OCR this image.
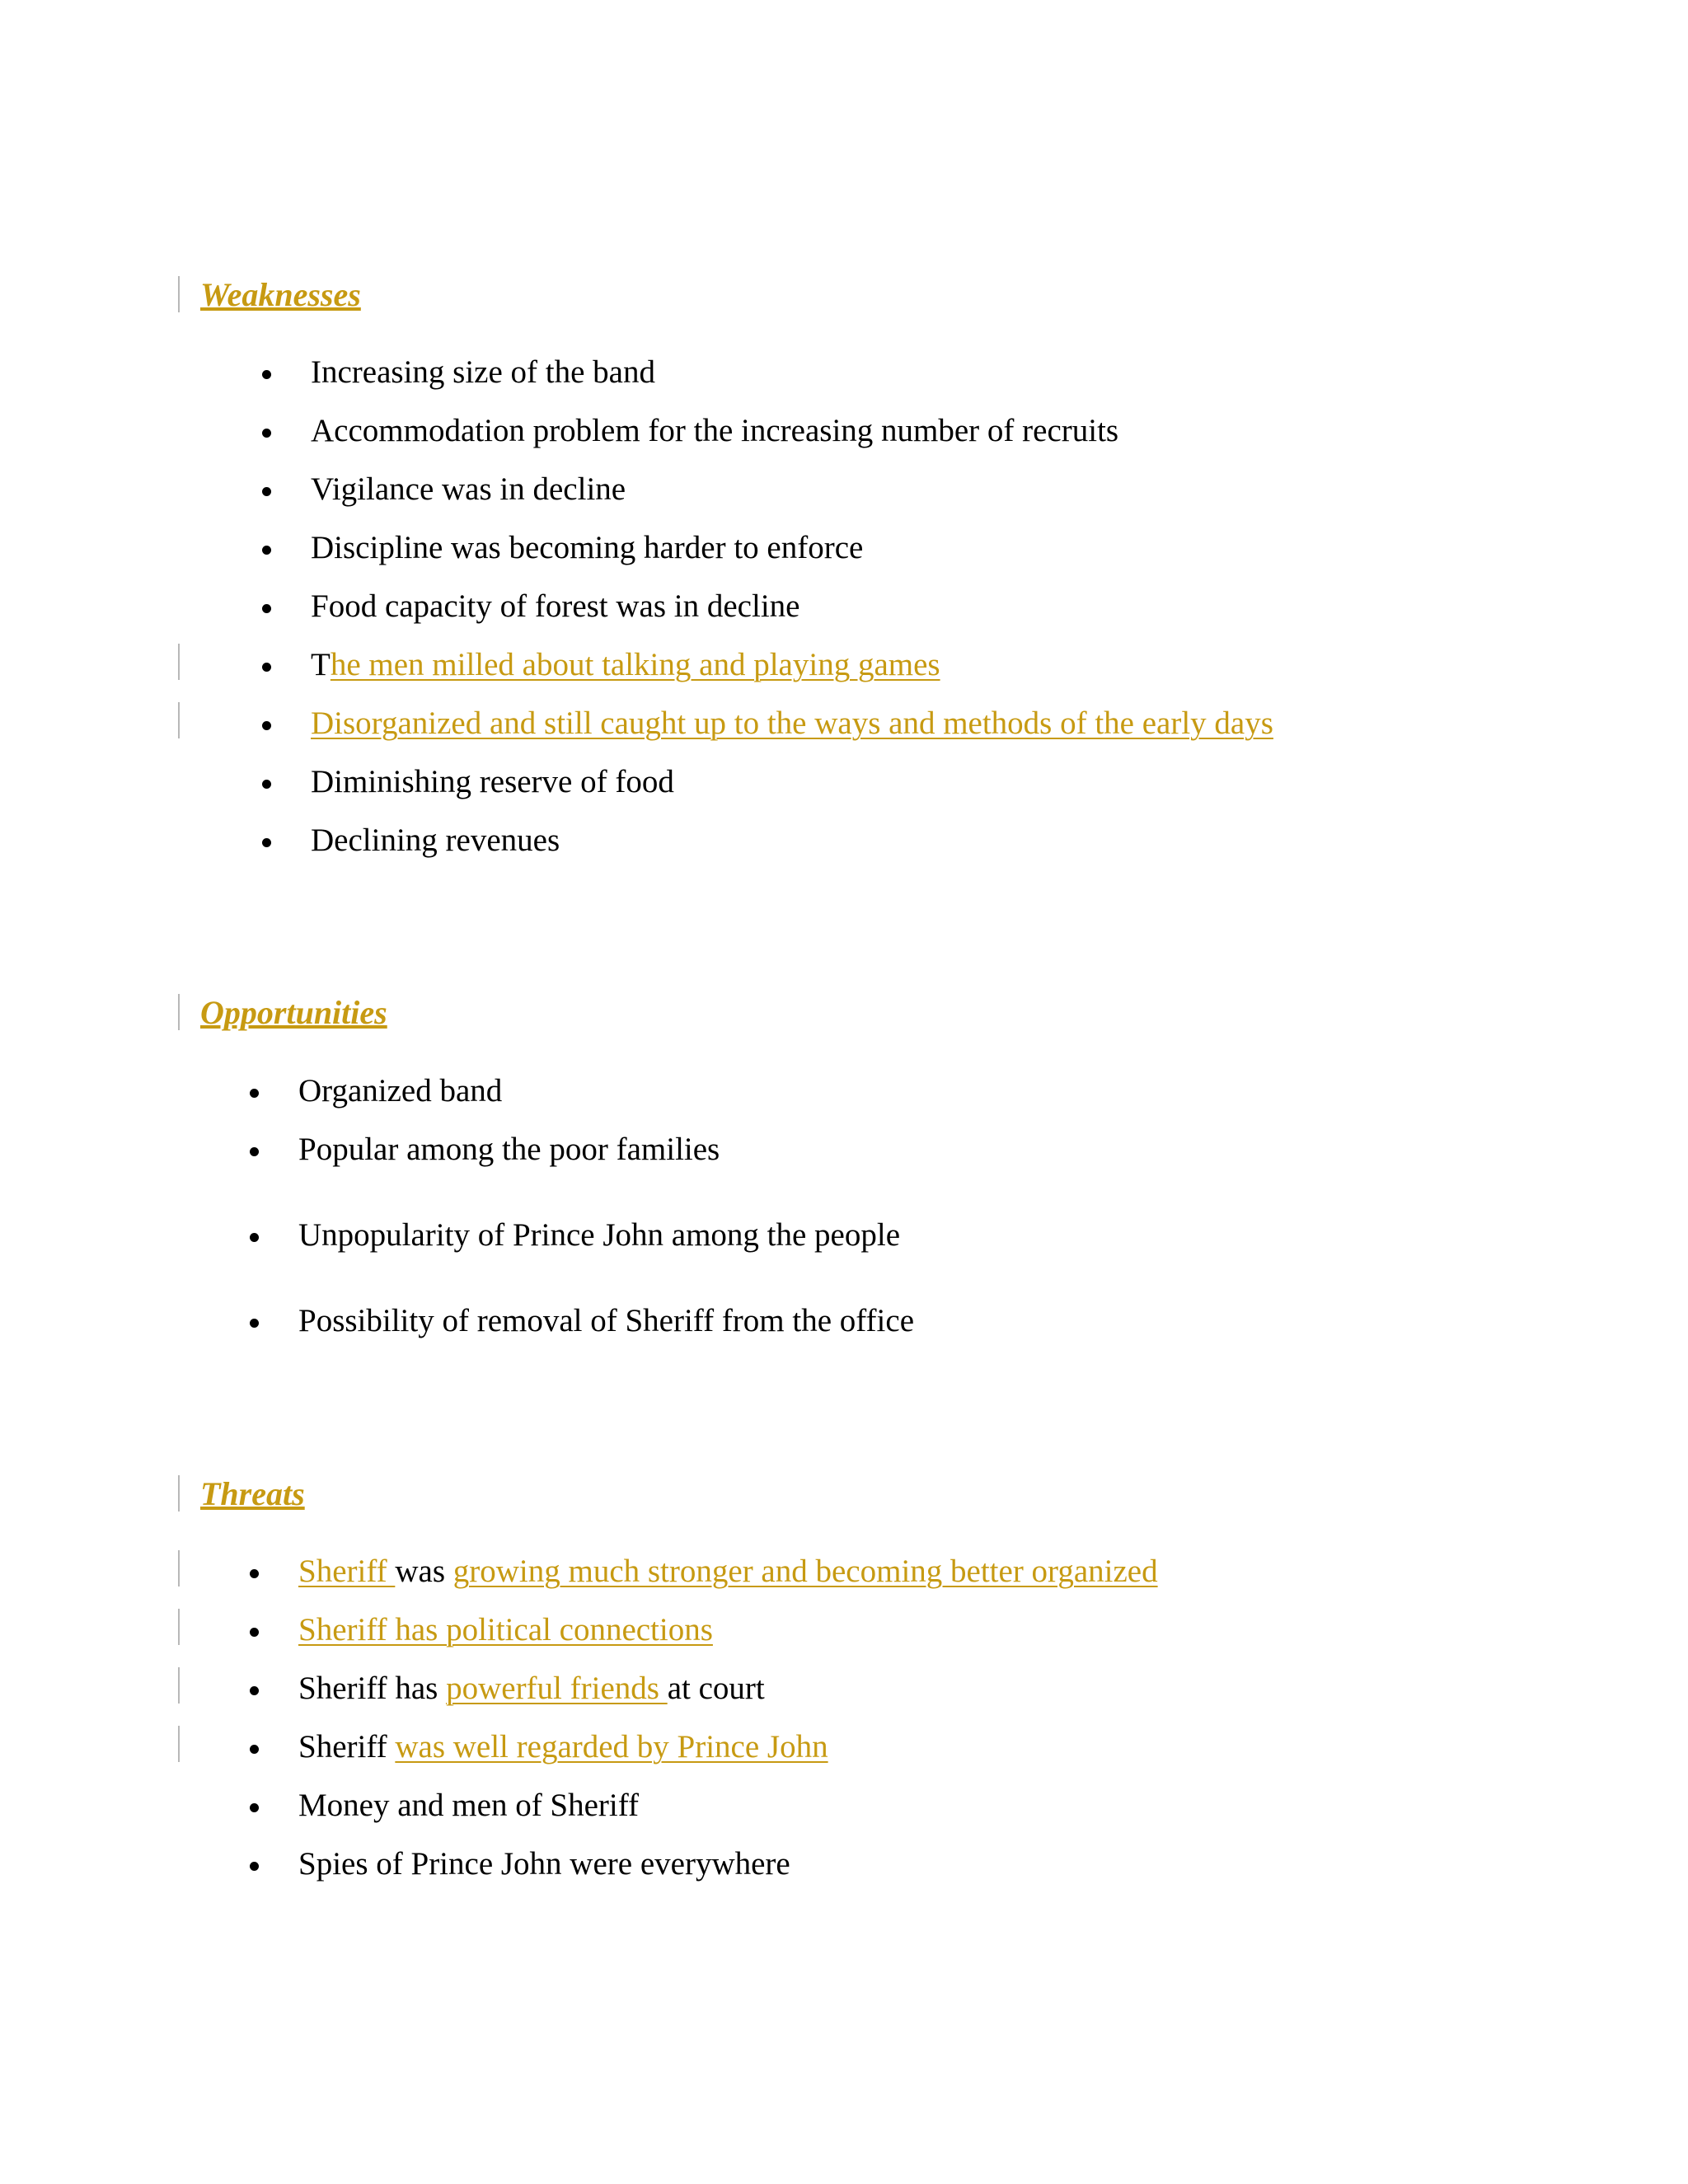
Weaknesses
Increasing size of the band
Accommodation problem for the increasing number of recruits
Vigilance was in decline
Discipline was becoming harder to enforce
Food capacity of forest was in decline
The men milled about talking and playing games
Disorganized and still caught up to the ways and methods of the early days
Diminishing reserve of food
Declining revenues
Opportunities
Organized band
Popular among the poor families
Unpopularity of Prince John among the people
Possibility of removal of Sheriff from the office
Threats
Sheriff was growing much stronger and becoming better organized
Sheriff has political connections
Sheriff has powerful friends at court
Sheriff was well regarded by Prince John
Money and men of Sheriff
Spies of Prince John were everywhere
